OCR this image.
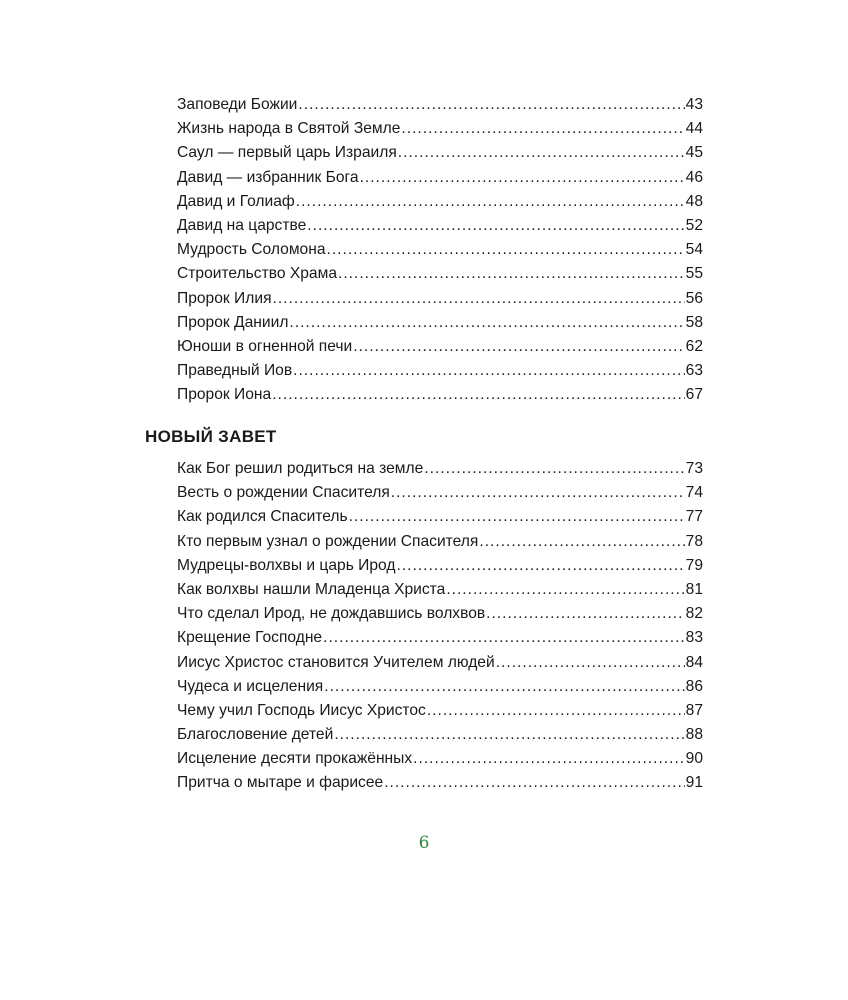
Заповеди Божии .....	43
Жизнь народа в Святой Земле .....	44
Саул — первый царь Израиля .....	45
Давид — избранник Бога .....	46
Давид и Голиаф .....	48
Давид на царстве .....	52
Мудрость Соломона .....	54
Строительство Храма .....	55
Пророк Илия .....	56
Пророк Даниил .....	58
Юноши в огненной печи .....	62
Праведный Иов .....	63
Пророк Иона .....	67
НОВЫЙ ЗАВЕТ
Как Бог решил родиться на земле .....	73
Весть о рождении Спасителя .....	74
Как родился Спаситель .....	77
Кто первым узнал о рождении Спасителя .....	78
Мудрецы-волхвы и царь Ирод .....	79
Как волхвы нашли Младенца Христа .....	81
Что сделал Ирод, не дождавшись волхвов .....	82
Крещение Господне .....	83
Иисус Христос становится Учителем людей .....	84
Чудеса и исцеления .....	86
Чему учил Господь Иисус Христос .....	87
Благословение детей .....	88
Исцеление десяти прокажённых .....	90
Притча о мытаре и фарисее .....	91
6
